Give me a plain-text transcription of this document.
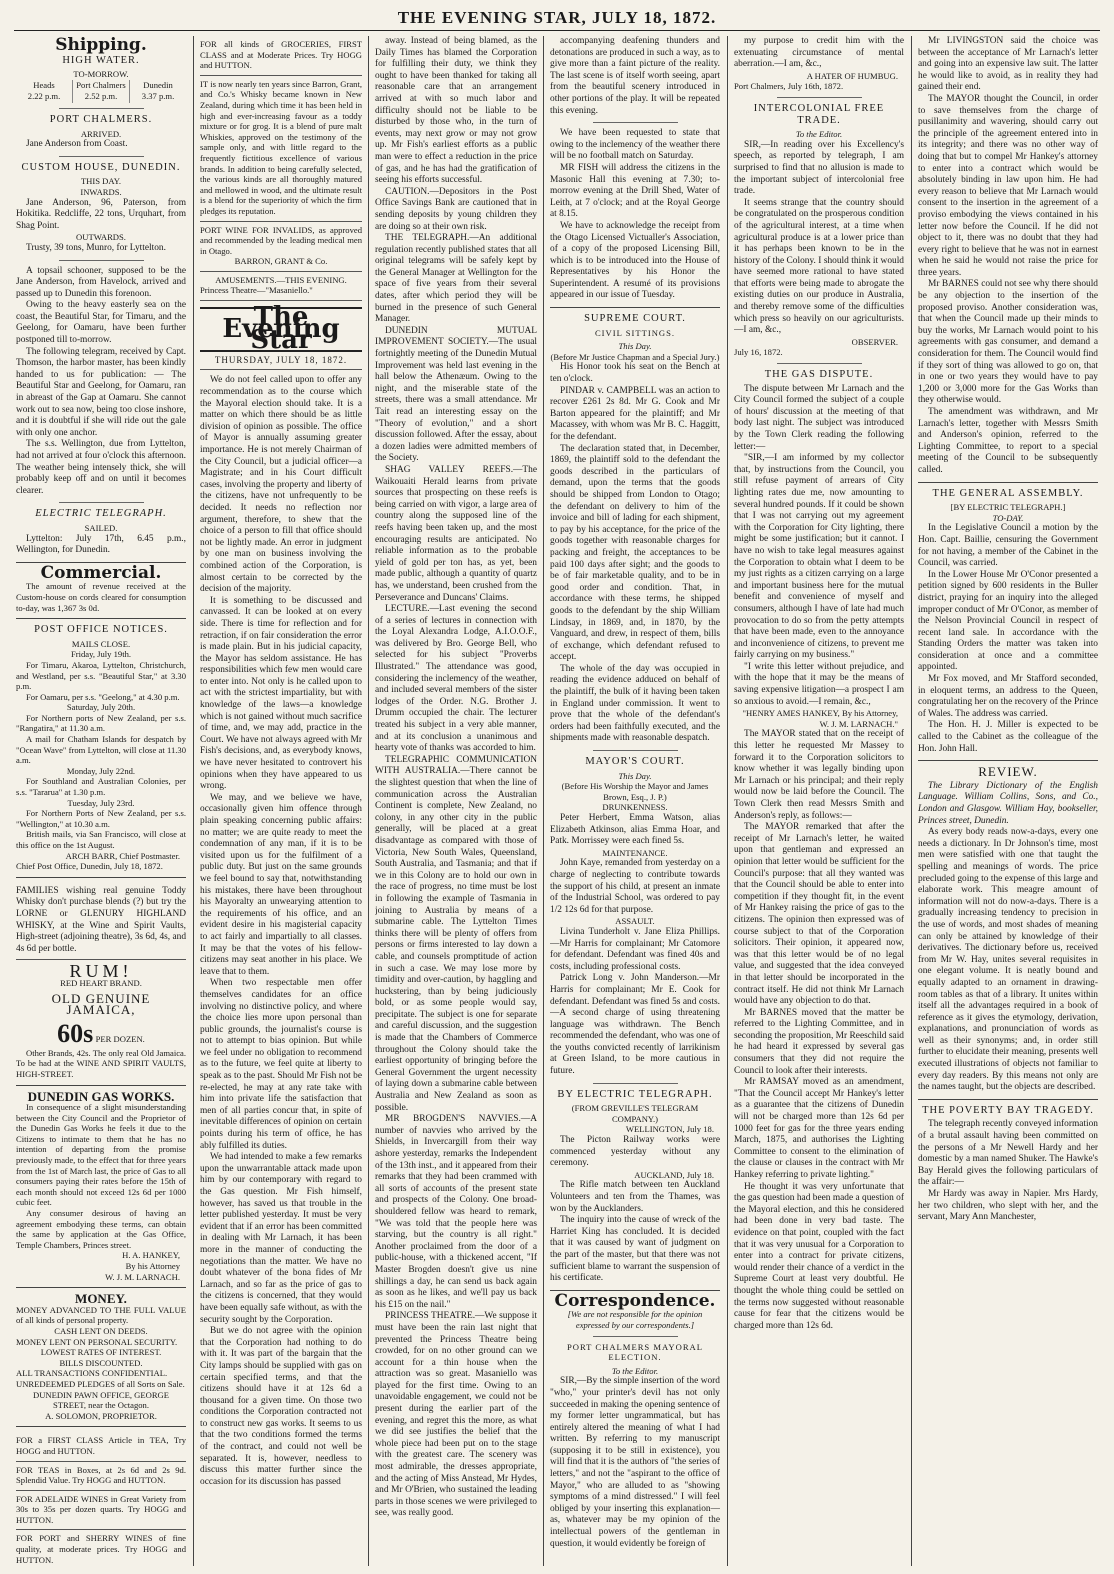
THE EVENING STAR, JULY 18, 1872.
Shipping.
HIGH WATER.
TO-MORROW.
Heads
2.22 p.m.
Port Chalmers
2.52 p.m.
Dunedin
3.37 p.m.
PORT CHALMERS.
ARRIVED.

Jane Anderson from Coast.

CUSTOM HOUSE, DUNEDIN.
THIS DAY.
INWARDS.

Jane Anderson, 96, Paterson, from Hokitika. Redcliffe, 22 tons, Urquhart, from Shag Point.

OUTWARDS.

Trusty, 39 tons, Munro, for Lyttelton.

A topsail schooner, supposed to be the Jane Anderson, from Havelock, arrived and passed up to Dunedin this forenoon.

Owing to the heavy easterly sea on the coast, the Beautiful Star, for Timaru, and the Geelong, for Oamaru, have been further postponed till to-morrow.

The following telegram, received by Capt. Thomson, the harbor master, has been kindly handed to us for publication: — The Beautiful Star and Geelong, for Oamaru, ran in abreast of the Gap at Oamaru. She cannot work out to sea now, being too close inshore, and it is doubtful if she will ride out the gale with only one anchor.

The s.s. Wellington, due from Lyttelton, had not arrived at four o'clock this afternoon. The weather being intensely thick, she will probably keep off and on until it becomes clearer.

ELECTRIC TELEGRAPH.
SAILED.

Lyttelton: July 17th, 6.45 p.m., Wellington, for Dunedin.

Commercial.

The amount of revenue received at the Custom-house on cords cleared for consumption to-day, was 1,367 3s 0d.

POST OFFICE NOTICES.
MAILS CLOSE.

Friday, July 19th.

For Timaru, Akaroa, Lyttelton, Christchurch, and Westland, per s.s. "Beautiful Star," at 3.30 p.m.

For Oamaru, per s.s. "Geelong," at 4.30 p.m.

Saturday, July 20th.

For Northern ports of New Zealand, per s.s. "Rangatira," at 11.30 a.m.

A mail for Chatham Islands for despatch by "Ocean Wave" from Lyttelton, will close at 11.30 a.m.

Monday, July 22nd.

For Southland and Australian Colonies, per s.s. "Tararua" at 1.30 p.m.

Tuesday, July 23rd.

For Northern Ports of New Zealand, per s.s. "Wellington," at 10.30 a.m.

British mails, via San Francisco, will close at this office on the 1st August.

ARCH BARR, Chief Postmaster.
Chief Post Office, Dunedin, July 18, 1872.

FAMILIES wishing real genuine Toddy Whisky don't purchase blends (?) but try the LORNE or GLENURY HIGHLAND WHISKY, at the Wine and Spirit Vaults, High-street (adjoining theatre), 3s 6d, 4s, and 4s 6d per bottle.

RUM!
RED HEART BRAND.
OLD GENUINE JAMAICA,
60s PER DOZEN.

Other Brands, 42s. The only real Old Jamaica. To be had at the WINE AND SPIRIT VAULTS, HIGH-STREET.

DUNEDIN GAS WORKS.

In consequence of a slight misunderstanding between the City Council and the Proprietor of the Dunedin Gas Works he feels it due to the Citizens to intimate to them that he has no intention of departing from the promise previously made, to the effect that for three years from the 1st of March last, the price of Gas to all consumers paying their rates before the 15th of each month should not exceed 12s 6d per 1000 cubic feet.

Any consumer desirous of having an agreement embodying these terms, can obtain the same by application at the Gas Office, Temple Chambers, Princes street.

H. A. HANKEY,
By his Attorney
W. J. M. LARNACH.
MONEY.

MONEY ADVANCED TO THE FULL VALUE of all kinds of personal property.

CASH LENT ON DEEDS.

MONEY LENT ON PERSONAL SECURITY.

LOWEST RATES OF INTEREST.

BILLS DISCOUNTED.

ALL TRANSACTIONS CONFIDENTIAL.

UNREDEEMED PLEDGES of all Sorts on Sale.

DUNEDIN PAWN OFFICE, GEORGE STREET, near the Octagon.

A. SOLOMON, PROPRIETOR.

FOR a FIRST CLASS Article in TEA, Try HOGG and HUTTON.

FOR TEAS in Boxes, at 2s 6d and 2s 9d. Splendid Value. Try HOGG and HUTTON.

FOR ADELAIDE WINES in Great Variety from 30s to 35s per dozen quarts. Try HOGG and HUTTON.

FOR PORT and SHERRY WINES of fine quality, at moderate prices. Try HOGG and HUTTON.

FOR all kinds of GROCERIES, FIRST CLASS and at Moderate Prices. Try HOGG and HUTTON.

IT is now nearly ten years since Barron, Grant, and Co.'s Whisky became known in New Zealand, during which time it has been held in high and ever-increasing favour as a toddy mixture or for grog. It is a blend of pure malt Whiskies, approved on the testimony of the sample only, and with little regard to the frequently fictitious excellence of various brands. In addition to being carefully selected, the various kinds are all thoroughly matured and mellowed in wood, and the ultimate result is a blend for the superiority of which the firm pledges its reputation.

PORT WINE FOR INVALIDS, as approved and recommended by the leading medical men in Otago.

BARRON, GRANT & Co.

AMUSEMENTS.—THIS EVENING.

Princess Theatre—"Masaniello."

The Evening Star
THURSDAY, JULY 18, 1872.

We do not feel called upon to offer any recommendation as to the course which the Mayoral election should take. It is a matter on which there should be as little division of opinion as possible. The office of Mayor is annually assuming greater importance. He is not merely Chairman of the City Council, but a judicial officer—a Magistrate; and in his Court difficult cases, involving the property and liberty of the citizens, have not unfrequently to be decided. It needs no reflection nor argument, therefore, to shew that the choice of a person to fill that office should not be lightly made. An error in judgment by one man on business involving the combined action of the Corporation, is almost certain to be corrected by the decision of the majority.

It is something to be discussed and canvassed. It can be looked at on every side. There is time for reflection and for retraction, if on fair consideration the error is made plain. But in his judicial capacity, the Mayor has seldom assistance. He has responsibilities which few men would care to enter into. Not only is he called upon to act with the strictest impartiality, but with knowledge of the laws—a knowledge which is not gained without much sacrifice of time, and, we may add, practice in the Court. We have not always agreed with Mr Fish's decisions, and, as everybody knows, we have never hesitated to controvert his opinions when they have appeared to us wrong.

We may, and we believe we have, occasionally given him offence through plain speaking concerning public affairs: no matter; we are quite ready to meet the condemnation of any man, if it is to be visited upon us for the fulfilment of a public duty. But just on the same grounds we feel bound to say that, notwithstanding his mistakes, there have been throughout his Mayoralty an unwearying attention to the requirements of his office, and an evident desire in his magisterial capacity to act fairly and impartially to all classes. It may be that the votes of his fellow-citizens may seat another in his place. We leave that to them.

When two respectable men offer themselves candidates for an office involving no distinctive policy, and where the choice lies more upon personal than public grounds, the journalist's course is not to attempt to bias opinion. But while we feel under no obligation to recommend as to the future, we feel quite at liberty to speak as to the past. Should Mr Fish not be re-elected, he may at any rate take with him into private life the satisfaction that men of all parties concur that, in spite of inevitable differences of opinion on certain points during his term of office, he has ably fulfilled its duties.

We had intended to make a few remarks upon the unwarrantable attack made upon him by our contemporary with regard to the Gas question. Mr Fish himself, however, has saved us that trouble in the letter published yesterday. It must be very evident that if an error has been committed in dealing with Mr Larnach, it has been more in the manner of conducting the negotiations than the matter. We have no doubt whatever of the bona fides of Mr Larnach, and so far as the price of gas to the citizens is concerned, that they would have been equally safe without, as with the security sought by the Corporation.

But we do not agree with the opinion that the Corporation had nothing to do with it. It was part of the bargain that the City lamps should be supplied with gas on certain specified terms, and that the citizens should have it at 12s 6d a thousand for a given time. On those two conditions the Corporation contracted not to construct new gas works. It seems to us that the two conditions formed the terms of the contract, and could not well be separated. It is, however, needless to discuss this matter further since the occasion for its discussion has passed

away. Instead of being blamed, as the Daily Times has blamed the Corporation for fulfilling their duty, we think they ought to have been thanked for taking all reasonable care that an arrangement arrived at with so much labor and difficulty should not be liable to be disturbed by those who, in the turn of events, may next grow or may not grow up. Mr Fish's earliest efforts as a public man were to effect a reduction in the price of gas, and he has had the gratification of seeing his efforts successful.

CAUTION.—Depositors in the Post Office Savings Bank are cautioned that in sending deposits by young children they are doing so at their own risk.

THE TELEGRAPH.—An additional regulation recently published states that all original telegrams will be safely kept by the General Manager at Wellington for the space of five years from their several dates, after which period they will be burned in the presence of such General Manager.

DUNEDIN MUTUAL IMPROVEMENT SOCIETY.—The usual fortnightly meeting of the Dunedin Mutual Improvement was held last evening in the hall below the Athenæum. Owing to the night, and the miserable state of the streets, there was a small attendance. Mr Tait read an interesting essay on the "Theory of evolution," and a short discussion followed. After the essay, about a dozen ladies were admitted members of the Society.

SHAG VALLEY REEFS.—The Waikouaiti Herald learns from private sources that prospecting on these reefs is being carried on with vigor, a large area of country along the supposed line of the reefs having been taken up, and the most encouraging results are anticipated. No reliable information as to the probable yield of gold per ton has, as yet, been made public, although a quantity of quartz has, we understand, been crushed from the Perseverance and Duncans' Claims.

LECTURE.—Last evening the second of a series of lectures in connection with the Loyal Alexandra Lodge, A.I.O.O.F., was delivered by Bro. George Bell, who selected for his subject "Proverbs Illustrated." The attendance was good, considering the inclemency of the weather, and included several members of the sister lodges of the Order. N.G. Brother J. Drumm occupied the chair. The lecturer treated his subject in a very able manner, and at its conclusion a unanimous and hearty vote of thanks was accorded to him.

TELEGRAPHIC COMMUNICATION WITH AUSTRALIA.—There cannot be the slightest question that when the line of communication across the Australian Continent is complete, New Zealand, no colony, in any other city in the public generally, will be placed at a great disadvantage as compared with those of Victoria, New South Wales, Queensland, South Australia, and Tasmania; and that if we in this Colony are to hold our own in the race of progress, no time must be lost in following the example of Tasmania in joining to Australia by means of a submarine cable. The Lyttelton Times thinks there will be plenty of offers from persons or firms interested to lay down a cable, and counsels promptitude of action in such a case. We may lose more by timidity and over-caution, by haggling and huckstering, than by being judiciously bold, or as some people would say, precipitate. The subject is one for separate and careful discussion, and the suggestion is made that the Chambers of Commerce throughout the Colony should take the earliest opportunity of bringing before the General Government the urgent necessity of laying down a submarine cable between Australia and New Zealand as soon as possible.

MR BROGDEN'S NAVVIES.—A number of navvies who arrived by the Shields, in Invercargill from their way ashore yesterday, remarks the Independent of the 13th inst., and it appeared from their remarks that they had been crammed with all sorts of accounts of the present state and prospects of the Colony. One broad-shouldered fellow was heard to remark, "We was told that the people here was starving, but the country is all right." Another proclaimed from the door of a public-house, with a thickened accent, "If Master Brogden doesn't give us nine shillings a day, he can send us back again as soon as he likes, and we'll pay us back his £15 on the nail."

PRINCESS THEATRE.—We suppose it must have been the rain last night that prevented the Princess Theatre being crowded, for on no other ground can we account for a thin house when the attraction was so great. Masaniello was played for the first time. Owing to an unavoidable engagement, we could not be present during the earlier part of the evening, and regret this the more, as what we did see justifies the belief that the whole piece had been put on to the stage with the greatest care. The scenery was most admirable, the dresses appropriate, and the acting of Miss Anstead, Mr Hydes, and Mr O'Brien, who sustained the leading parts in those scenes we were privileged to see, was really good.

accompanying deafening thunders and detonations are produced in such a way, as to give more than a faint picture of the reality. The last scene is of itself worth seeing, apart from the beautiful scenery introduced in other portions of the play. It will be repeated this evening.

We have been requested to state that owing to the inclemency of the weather there will be no football match on Saturday.

MR FISH will address the citizens in the Masonic Hall this evening at 7.30; to-morrow evening at the Drill Shed, Water of Leith, at 7 o'clock; and at the Royal George at 8.15.

We have to acknowledge the receipt from the Otago Licensed Victualler's Association, of a copy of the proposed Licensing Bill, which is to be introduced into the House of Representatives by his Honor the Superintendent. A resumé of its provisions appeared in our issue of Tuesday.

SUPREME COURT.
CIVIL SITTINGS.
This Day.
(Before Mr Justice Chapman and a Special Jury.)

His Honor took his seat on the Bench at ten o'clock.

PINDAR v. CAMPBELL was an action to recover £261 2s 8d. Mr G. Cook and Mr Barton appeared for the plaintiff; and Mr Macassey, with whom was Mr B. C. Haggitt, for the defendant.

The declaration stated that, in December, 1869, the plaintiff sold to the defendant the goods described in the particulars of demand, upon the terms that the goods should be shipped from London to Otago; the defendant on delivery to him of the invoice and bill of lading for each shipment, to pay by his acceptance, for the price of the goods together with reasonable charges for packing and freight, the acceptances to be paid 100 days after sight; and the goods to be of fair marketable quality, and to be in good order and condition. That, in accordance with these terms, he shipped goods to the defendant by the ship William Lindsay, in 1869, and, in 1870, by the Vanguard, and drew, in respect of them, bills of exchange, which defendant refused to accept.

The whole of the day was occupied in reading the evidence adduced on behalf of the plaintiff, the bulk of it having been taken in England under commission. It went to prove that the whole of the defendant's orders had been faithfully executed, and the shipments made with reasonable despatch.

MAYOR'S COURT.
This Day.
(Before His Worship the Mayor and James Brown, Esq., J. P.)
DRUNKENNESS.

Peter Herbert, Emma Watson, alias Elizabeth Atkinson, alias Emma Hoar, and Patk. Morrissey were each fined 5s.

MAINTENANCE.

John Kaye, remanded from yesterday on a charge of neglecting to contribute towards the support of his child, at present an inmate of the Industrial School, was ordered to pay 1/2 12s 6d for that purpose.

ASSAULT.

Livina Tunderholt v. Jane Eliza Phillips.—Mr Harris for complainant; Mr Catomore for defendant. Defendant was fined 40s and costs, including professional costs.

Patrick Long v. John Manderson.—Mr Harris for complainant; Mr E. Cook for defendant. Defendant was fined 5s and costs.—A second charge of using threatening language was withdrawn. The Bench recommended the defendant, who was one of the youths convicted recently of larrikinism at Green Island, to be more cautious in future.

BY ELECTRIC TELEGRAPH.
(FROM GREVILLE'S TELEGRAM COMPANY.)
WELLINGTON, July 18.

The Picton Railway works were commenced yesterday without any ceremony.

AUCKLAND, July 18.

The Rifle match between ten Auckland Volunteers and ten from the Thames, was won by the Aucklanders.

The inquiry into the cause of wreck of the Harriet King has concluded. It is decided that it was caused by want of judgment on the part of the master, but that there was not sufficient blame to warrant the suspension of his certificate.

Correspondence.
[We are not responsible for the opinion expressed by our correspondents.]
PORT CHALMERS MAYORAL ELECTION.
To the Editor.

SIR,—By the simple insertion of the word "who," your printer's devil has not only succeeded in making the opening sentence of my former letter ungrammatical, but has entirely altered the meaning of what I had written. By referring to my manuscript (supposing it to be still in existence), you will find that it is the authors of "the series of letters," and not the "aspirant to the office of Mayor," who are alluded to as "showing symptoms of a mind distressed." I will feel obliged by your inserting this explanation—as, whatever may be my opinion of the intellectual powers of the gentleman in question, it would evidently be foreign of

my purpose to credit him with the extenuating circumstance of mental aberration.—I am, &c.,

A HATER OF HUMBUG.
Port Chalmers, July 16th, 1872.
INTERCOLONIAL FREE TRADE.
To the Editor.

SIR,—In reading over his Excellency's speech, as reported by telegraph, I am surprised to find that no allusion is made to the important subject of intercolonial free trade.

It seems strange that the country should be congratulated on the prosperous condition of the agricultural interest, at a time when agricultural produce is at a lower price than it has perhaps been known to be in the history of the Colony. I should think it would have seemed more rational to have stated that efforts were being made to abrogate the existing duties on our produce in Australia, and thereby remove some of the difficulties which press so heavily on our agriculturists.—I am, &c.,

OBSERVER.
July 16, 1872.
THE GAS DISPUTE.

The dispute between Mr Larnach and the City Council formed the subject of a couple of hours' discussion at the meeting of that body last night. The subject was introduced by the Town Clerk reading the following letter:—

"SIR,—I am informed by my collector that, by instructions from the Council, you still refuse payment of arrears of City lighting rates due me, now amounting to several hundred pounds. If it could be shown that I was not carrying out my agreement with the Corporation for City lighting, there might be some justification; but it cannot. I have no wish to take legal measures against the Corporation to obtain what I deem to be my just rights as a citizen carrying on a large and important business here for the mutual benefit and convenience of myself and consumers, although I have of late had much provocation to do so from the petty attempts that have been made, even to the annoyance and inconvenience of citizens, to prevent me fairly carrying on my business."

"I write this letter without prejudice, and with the hope that it may be the means of saving expensive litigation—a prospect I am so anxious to avoid.—I remain, &c.,

"HENRY AMES HANKEY, By his Attorney, W. J. M. LARNACH."

The MAYOR stated that on the receipt of this letter he requested Mr Massey to forward it to the Corporation solicitors to know whether it was legally binding upon Mr Larnach or his principal; and their reply would now be laid before the Council. The Town Clerk then read Messrs Smith and Anderson's reply, as follows:—

The MAYOR remarked that after the receipt of Mr Larnach's letter, he waited upon that gentleman and expressed an opinion that letter would be sufficient for the Council's purpose: that all they wanted was that the Council should be able to enter into competition if they thought fit, in the event of Mr Hankey raising the price of gas to the citizens. The opinion then expressed was of course subject to that of the Corporation solicitors. Their opinion, it appeared now, was that this letter would be of no legal value, and suggested that the idea conveyed in that letter should be incorporated in the contract itself. He did not think Mr Larnach would have any objection to do that.

Mr BARNES moved that the matter be referred to the Lighting Committee, and in seconding the proposition, Mr Reeschild said he had heard it expressed by several gas consumers that they did not require the Council to look after their interests.

Mr RAMSAY moved as an amendment, "That the Council accept Mr Hankey's letter as a guarantee that the citizens of Dunedin will not be charged more than 12s 6d per 1000 feet for gas for the three years ending March, 1875, and authorises the Lighting Committee to consent to the elimination of the clause or clauses in the contract with Mr Hankey referring to private lighting."

He thought it was very unfortunate that the gas question had been made a question of the Mayoral election, and this he considered had been done in very bad taste. The evidence on that point, coupled with the fact that it was very unusual for a Corporation to enter into a contract for private citizens, would render their chance of a verdict in the Supreme Court at least very doubtful. He thought the whole thing could be settled on the terms now suggested without reasonable cause for fear that the citizens would be charged more than 12s 6d.

Mr LIVINGSTON said the choice was between the acceptance of Mr Larnach's letter and going into an expensive law suit. The latter he would like to avoid, as in reality they had gained their end.

The MAYOR thought the Council, in order to save themselves from the charge of pusillanimity and wavering, should carry out the principle of the agreement entered into in its integrity; and there was no other way of doing that but to compel Mr Hankey's attorney to enter into a contract which would be absolutely binding in law upon him. He had every reason to believe that Mr Larnach would consent to the insertion in the agreement of a proviso embodying the views contained in his letter now before the Council. If he did not object to it, there was no doubt that they had every right to believe that he was not in earnest when he said he would not raise the price for three years.

Mr BARNES could not see why there should be any objection to the insertion of the proposed proviso. Another consideration was, that when the Council made up their minds to buy the works, Mr Larnach would point to his agreements with gas consumer, and demand a consideration for them. The Council would find if they sort of thing was allowed to go on, that in one or two years they would have to pay 1,200 or 3,000 more for the Gas Works than they otherwise would.

The amendment was withdrawn, and Mr Larnach's letter, together with Messrs Smith and Anderson's opinion, referred to the Lighting Committee, to report to a special meeting of the Council to be subsequently called.

THE GENERAL ASSEMBLY.
[BY ELECTRIC TELEGRAPH.]
TO-DAY.

In the Legislative Council a motion by the Hon. Capt. Baillie, censuring the Government for not having, a member of the Cabinet in the Council, was carried.

In the Lower House Mr O'Conor presented a petition signed by 600 residents in the Buller district, praying for an inquiry into the alleged improper conduct of Mr O'Conor, as member of the Nelson Provincial Council in respect of recent land sale. In accordance with the Standing Orders the matter was taken into consideration at once and a committee appointed.

Mr Fox moved, and Mr Stafford seconded, in eloquent terms, an address to the Queen, congratulating her on the recovery of the Prince of Wales. The address was carried.

The Hon. H. J. Miller is expected to be called to the Cabinet as the colleague of the Hon. John Hall.

REVIEW.

The Library Dictionary of the English Language. William Collins, Sons, and Co., London and Glasgow. William Hay, bookseller, Princes street, Dunedin.

As every body reads now-a-days, every one needs a dictionary. In Dr Johnson's time, most men were satisfied with one that taught the spelling and meanings of words. The price precluded going to the expense of this large and elaborate work. This meagre amount of information will not do now-a-days. There is a gradually increasing tendency to precision in the use of words, and most shades of meaning can only be attained by knowledge of their derivatives. The dictionary before us, received from Mr W. Hay, unites several requisites in one elegant volume. It is neatly bound and equally adapted to an ornament in drawing-room tables as that of a library. It unites within itself all the advantages required in a book of reference as it gives the etymology, derivation, explanations, and pronunciation of words as well as their synonyms; and, in order still further to elucidate their meaning, presents well executed illustrations of objects not familiar to every day readers. By this means not only are the names taught, but the objects are described.

THE POVERTY BAY TRAGEDY.

The telegraph recently conveyed information of a brutal assault having been committed on the persons of a Mr Newell Hardy and her domestic by a man named Shuker. The Hawke's Bay Herald gives the following particulars of the affair:—

Mr Hardy was away in Napier. Mrs Hardy, her two children, who slept with her, and the servant, Mary Ann Manchester,
